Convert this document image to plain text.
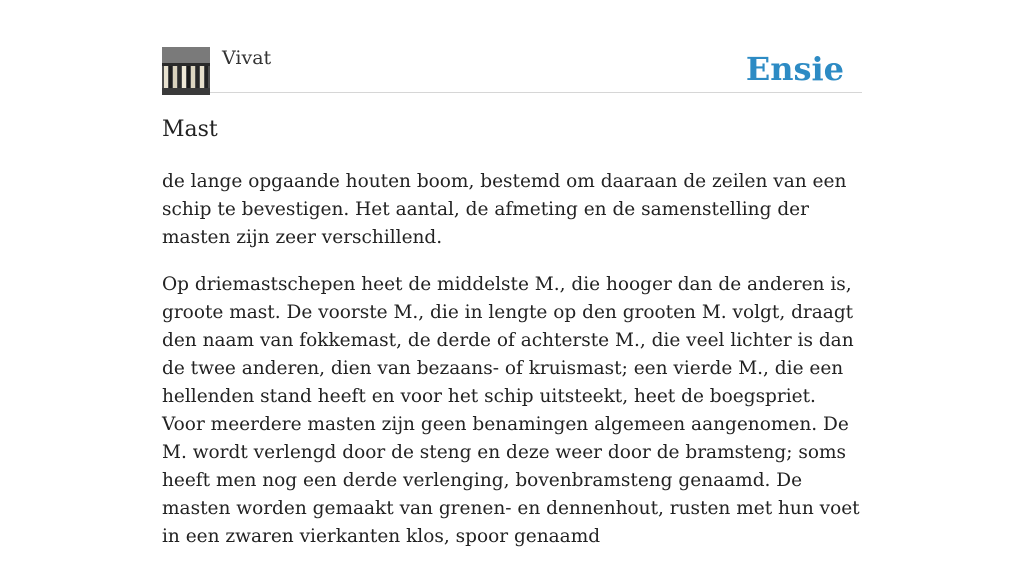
Vivat	Ensie
Mast

de lange opgaande houten boom, bestemd om daaraan de zeilen van een schip te bevestigen. Het aantal, de afmeting en de samenstelling der masten zijn zeer verschillend.

Op driemastschepen heet de middelste M., die hooger dan de anderen is, groote mast. De voorste M., die in lengte op den grooten M. volgt, draagt den naam van fokkemast, de derde of achterste M., die veel lichter is dan de twee anderen, dien van bezaans- of kruismast; een vierde M., die een hellenden stand heeft en voor het schip uitsteekt, heet de boegspriet. Voor meerdere masten zijn geen benamingen algemeen aangenomen. De M. wordt verlengd door de steng en deze weer door de bramsteng; soms heeft men nog een derde verlenging, bovenbramsteng genaamd. De masten worden gemaakt van grenen- en dennenhout, rusten met hun voet in een zwaren vierkanten klos, spoor genaamd
